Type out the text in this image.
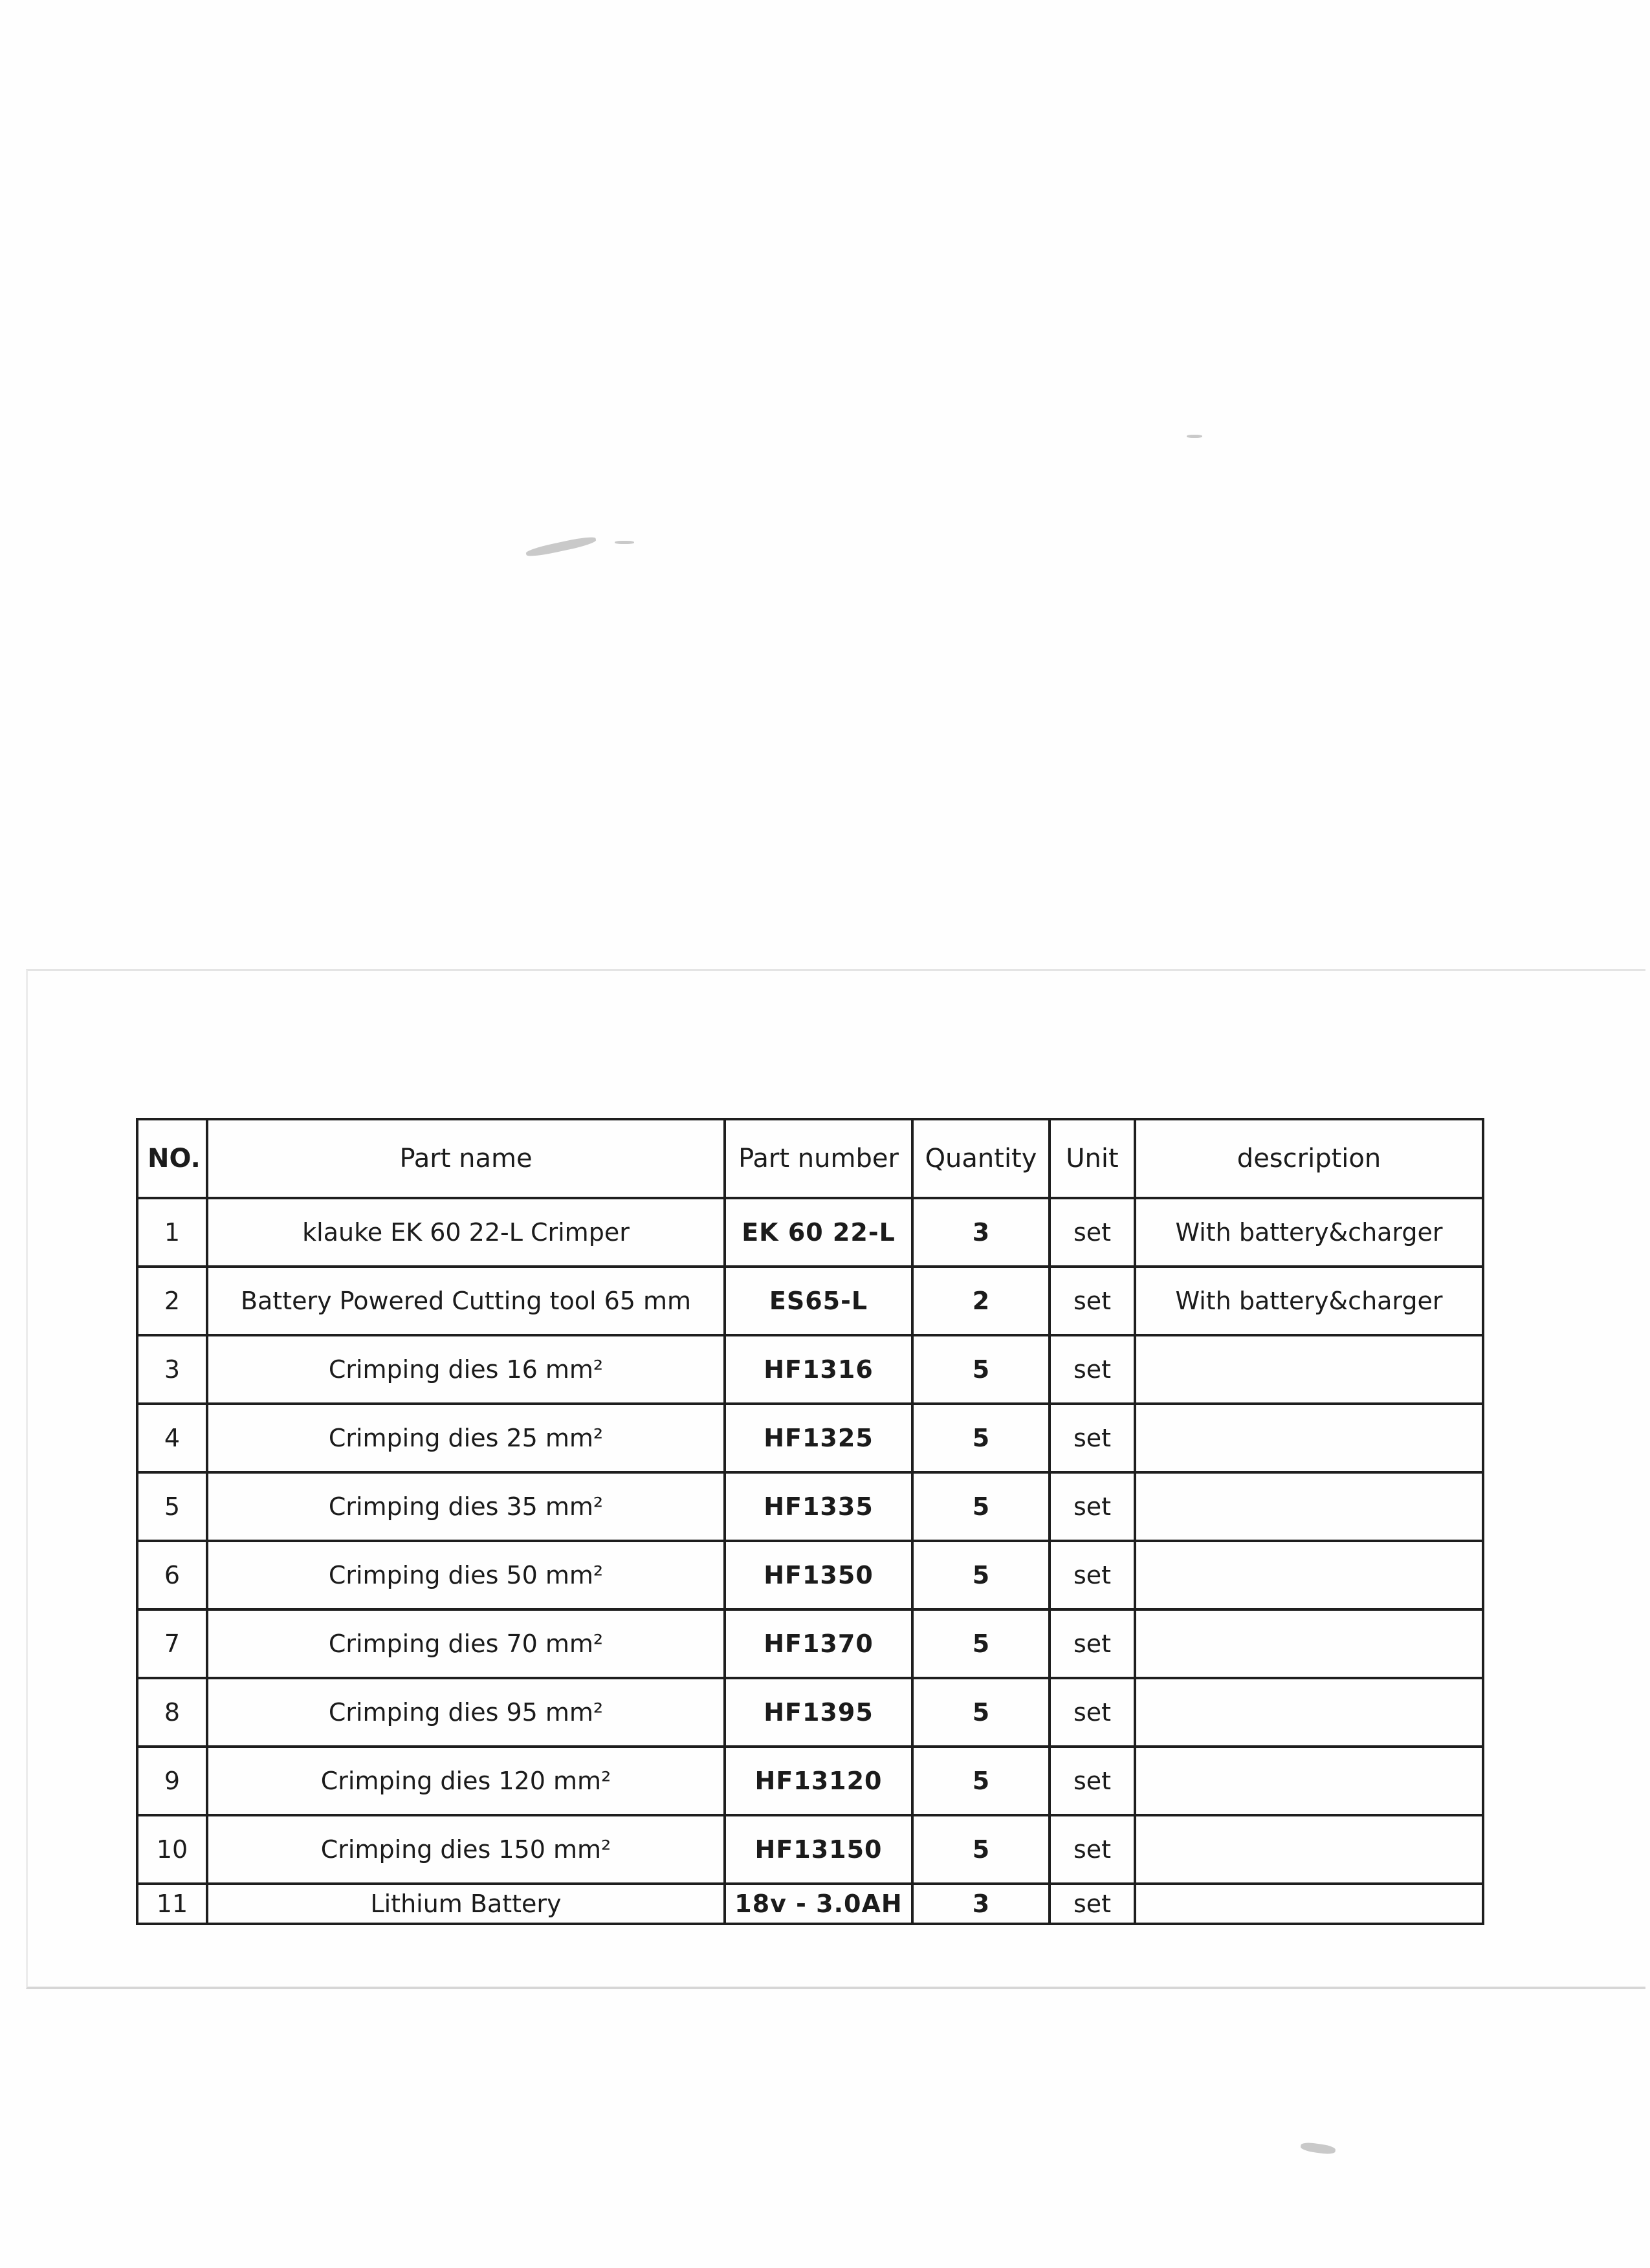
NO.	Part name	Part number	Quantity	Unit	description
1	klauke EK 60 22-L Crimper	EK 60 22-L	3	set	With battery&charger
2	Battery Powered Cutting tool 65 mm	ES65-L	2	set	With battery&charger
3	Crimping dies 16 mm²	HF1316	5	set	
4	Crimping dies 25 mm²	HF1325	5	set	
5	Crimping dies 35 mm²	HF1335	5	set	
6	Crimping dies 50 mm²	HF1350	5	set	
7	Crimping dies 70 mm²	HF1370	5	set	
8	Crimping dies 95 mm²	HF1395	5	set	
9	Crimping dies 120 mm²	HF13120	5	set	
10	Crimping dies 150 mm²	HF13150	5	set	
11	Lithium Battery	18v - 3.0AH	3	set	
